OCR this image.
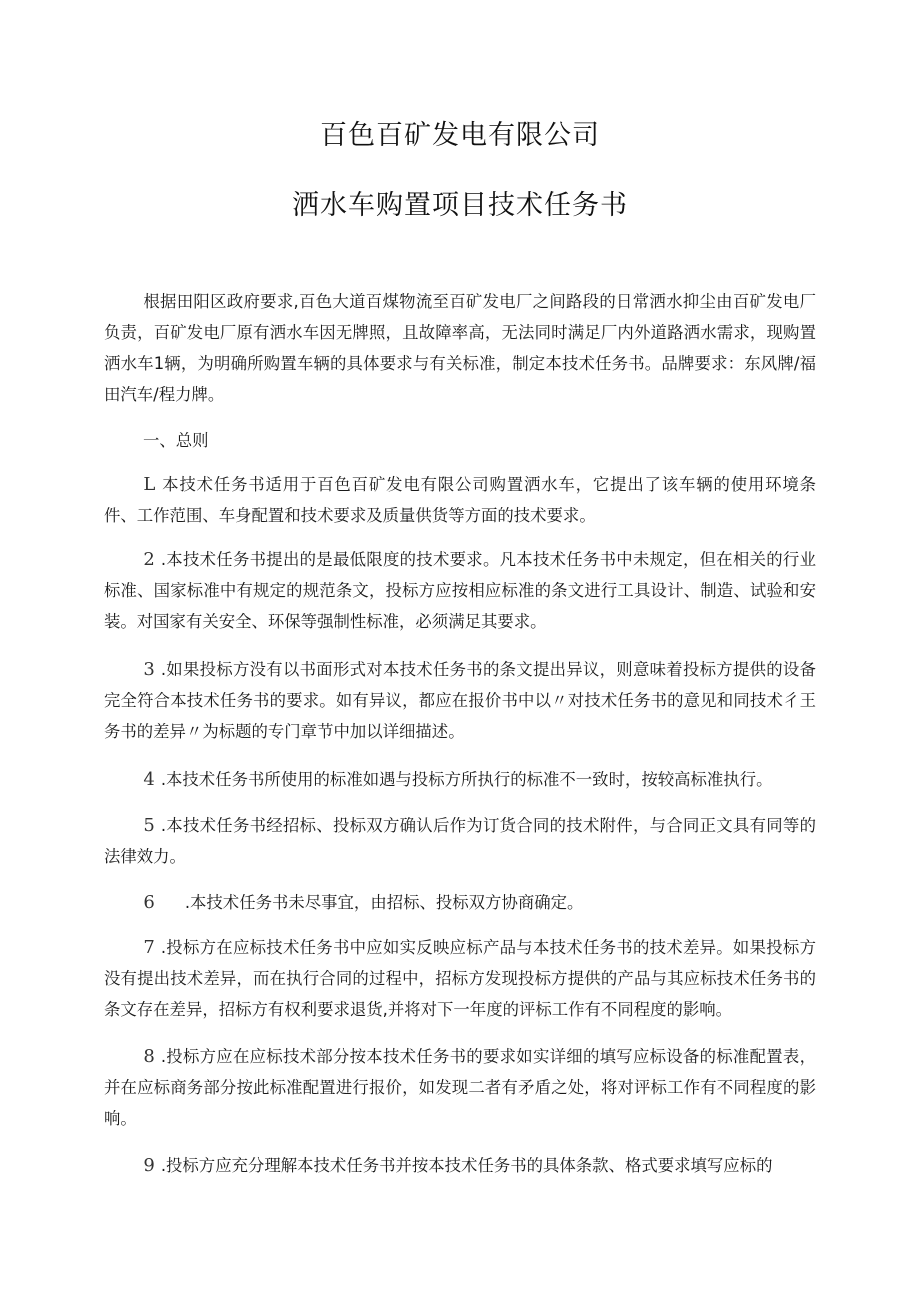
百色百矿发电有限公司
洒水车购置项目技术任务书
根据田阳区政府要求,百色大道百煤物流至百矿发电厂之间路段的日常洒水抑尘由百矿发电厂负责，百矿发电厂原有洒水车因无牌照，且故障率高，无法同时满足厂内外道路洒水需求，现购置洒水车1辆，为明确所购置车辆的具体要求与有关标准，制定本技术任务书。品牌要求：东风牌/福田汽车/程力牌。
一、总则
L 本技术任务书适用于百色百矿发电有限公司购置洒水车，它提出了该车辆的使用环境条件、工作范围、车身配置和技术要求及质量供货等方面的技术要求。
2 .本技术任务书提出的是最低限度的技术要求。凡本技术任务书中未规定，但在相关的行业标准、国家标准中有规定的规范条文，投标方应按相应标准的条文进行工具设计、制造、试验和安装。对国家有关安全、环保等强制性标准，必须满足其要求。
3 .如果投标方没有以书面形式对本技术任务书的条文提出异议，则意味着投标方提供的设备完全符合本技术任务书的要求。如有异议，都应在报价书中以〃对技术任务书的意见和同技术彳王务书的差异〃为标题的专门章节中加以详细描述。
4 .本技术任务书所使用的标准如遇与投标方所执行的标准不一致时，按较高标准执行。
5 .本技术任务书经招标、投标双方确认后作为订货合同的技术附件，与合同正文具有同等的法律效力。
6 .本技术任务书未尽事宜，由招标、投标双方协商确定。
7 .投标方在应标技术任务书中应如实反映应标产品与本技术任务书的技术差异。如果投标方没有提出技术差异，而在执行合同的过程中，招标方发现投标方提供的产品与其应标技术任务书的条文存在差异，招标方有权利要求退货,并将对下一年度的评标工作有不同程度的影响。
8 .投标方应在应标技术部分按本技术任务书的要求如实详细的填写应标设备的标准配置表，并在应标商务部分按此标准配置进行报价，如发现二者有矛盾之处，将对评标工作有不同程度的影响。
9 .投标方应充分理解本技术任务书并按本技术任务书的具体条款、格式要求填写应标的
